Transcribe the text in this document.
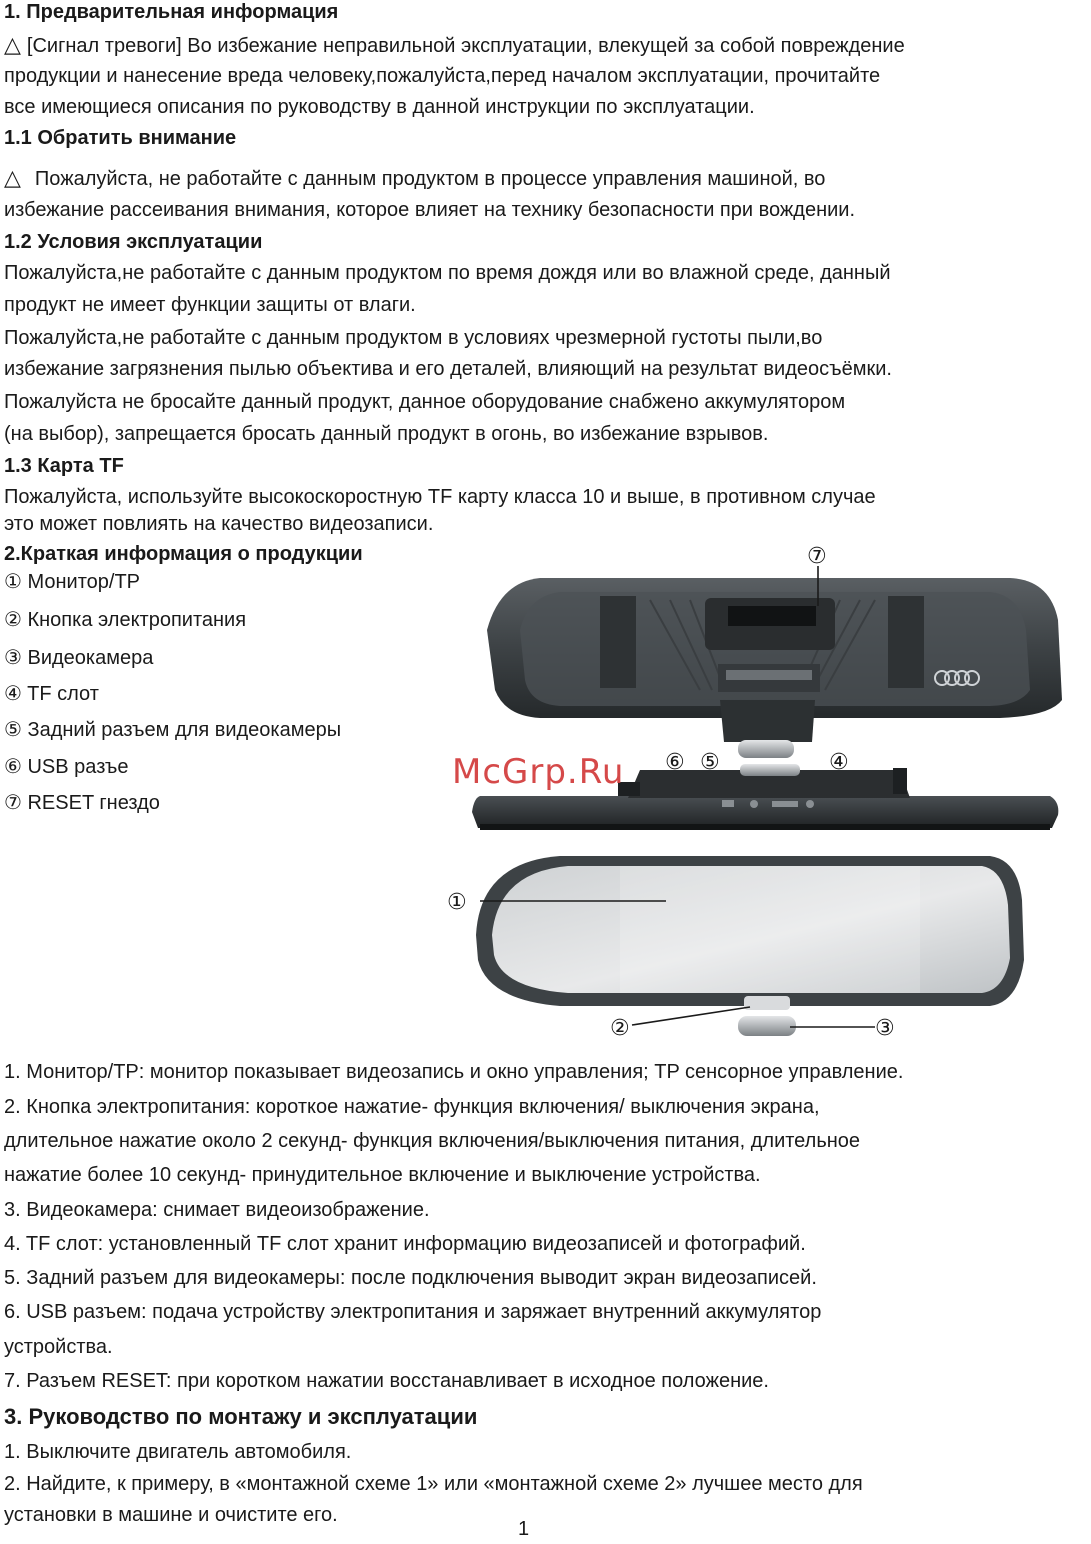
1. Предварительная информация
△ [Сигнал тревоги] Во избежание неправильной эксплуатации, влекущей за собой повреждение
продукции и нанесение вреда человеку,пожалуйста,перед началом эксплуатации, прочитайте
все имеющиеся описания по руководству в данной инструкции по эксплуатации.
1.1 Обратить внимание
△ Пожалуйста, не работайте с данным продуктом в процессе управления машиной, во
избежание рассеивания внимания, которое влияет на технику безопасности при вождении.
1.2 Условия эксплуатации
Пожалуйста,не работайте с данным продуктом по время дождя или во влажной среде, данный
продукт не имеет функции защиты от влаги.
Пожалуйста,не работайте с данным продуктом в условиях чрезмерной густоты пыли,во
избежание загрязнения пылью объектива и его деталей, влияющий на результат видеосъёмки.
Пожалуйста не бросайте данный продукт, данное оборудование снабжено аккумулятором
(на выбор), запрещается бросать данный продукт в огонь, во избежание взрывов.
1.3 Карта TF
Пожалуйста, используйте высокоскоростную TF карту класса 10 и выше, в противном случае
это может повлиять на качество видеозаписи.
2.Краткая информация о продукции
① Монитор/TP
② Кнопка электропитания
③ Видеокамера
④ TF слот
⑤ Задний разъем для видеокамеры
⑥ USB разъе
⑦ RESET гнездо
⑦
⑥ ⑤	④
①
②	③
McGrp.Ru
1. Монитор/TP: монитор показывает видеозапись и окно управления; TP сенсорное управление.
2. Кнопка электропитания: короткое нажатие- функция включения/ выключения экрана,
длительное нажатие около 2 секунд- функция включения/выключения питания, длительное
нажатие более 10 секунд- принудительное включение и выключение устройства.
3. Видеокамера: снимает видеоизображение.
4. TF слот: установленный TF слот хранит информацию видеозаписей и фотографий.
5. Задний разъем для видеокамеры: после подключения выводит экран видеозаписей.
6. USB разъем: подача устройству электропитания и заряжает внутренний аккумулятор
устройства.
7. Разъем RESET: при коротком нажатии восстанавливает в исходное положение.
3. Руководство по монтажу и эксплуатации
1. Выключите двигатель автомобиля.
2. Найдите, к примеру, в «монтажной схеме 1» или «монтажной схеме 2» лучшее место для
установки в машине и очистите его.
1
